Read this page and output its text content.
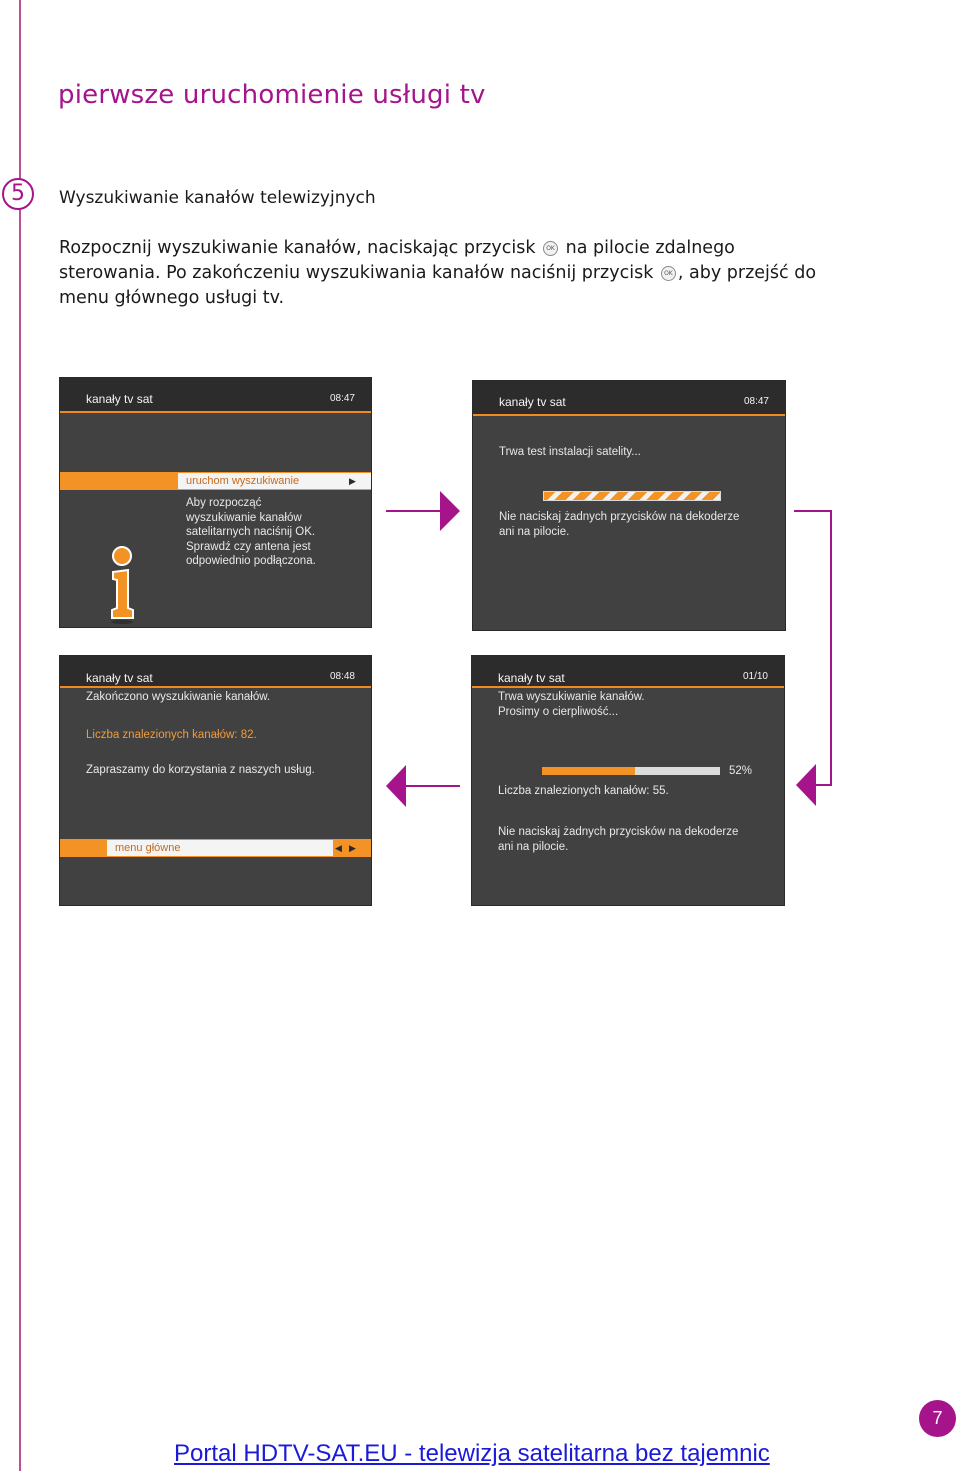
pierwsze uruchomienie usługi tv
5	Wyszukiwanie kanałów telewizyjnych
Rozpocznij wyszukiwanie kanałów, naciskając przycisk OK na pilocie zdalnego sterowania. Po zakończeniu wyszukiwania kanałów naciśnij przycisk OK , aby przejść do menu głównego usługi tv.
kanały tv sat	08:47
uruchom wyszukiwanie	▶
Aby rozpocząć
wyszukiwanie kanałów
satelitarnych naciśnij OK.
Sprawdź czy antena jest
odpowiednio podłączona.
kanały tv sat	08:47
Trwa test instalacji satelity...
Nie naciskaj żadnych przycisków na dekoderze
ani na pilocie.
kanały tv sat	08:48
Zakończono wyszukiwanie kanałów.
Liczba znalezionych kanałów: 82.
Zapraszamy do korzystania z naszych usług.
menu główne	◀ ▶
kanały tv sat	01/10
Trwa wyszukiwanie kanałów.
Prosimy o cierpliwość...
52%
Liczba znalezionych kanałów: 55.
Nie naciskaj żadnych przycisków na dekoderze
ani na pilocie.
Portal HDTV-SAT.EU - telewizja satelitarna bez tajemnic
7
